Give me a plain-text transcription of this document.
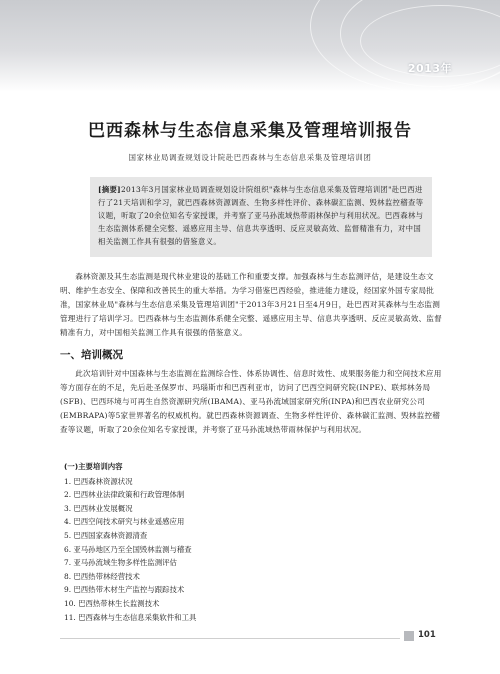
2013年
巴西森林与生态信息采集及管理培训报告
国家林业局调查规划设计院赴巴西森林与生态信息采集及管理培训团
[摘要]2013年3月国家林业局调查规划设计院组织"森林与生态信息采集及管理培训团"赴巴西进行了21天培训和学习，就巴西森林资源调查、生物多样性评价、森林碳汇监测、毁林监控稽查等议题，听取了20余位知名专家授课，并考察了亚马孙流域热带雨林保护与利用状况。巴西森林与生态监测体系健全完整、遥感应用主导、信息共享透明、反应灵敏高效、监督精准有力，对中国相关监测工作具有很强的借鉴意义。

森林资源及其生态监测是现代林业建设的基础工作和重要支撑。加强森林与生态监测评估，是建设生态文明、维护生态安全、保障和改善民生的重大举措。为学习借鉴巴西经验，推进能力建设，经国家外国专家局批准，国家林业局"森林与生态信息采集及管理培训团"于2013年3月21日至4月9日，赴巴西对其森林与生态监测管理进行了培训学习。巴西森林与生态监测体系健全完整、遥感应用主导、信息共享透明、反应灵敏高效、监督精准有力，对中国相关监测工作具有很强的借鉴意义。

一、培训概况

此次培训针对中国森林与生态监测在监测综合性、体系协调性、信息时效性、成果服务能力和空间技术应用等方面存在的不足，先后赴圣保罗市、玛瑙斯市和巴西利亚市，访问了巴西空间研究院(INPE)、联邦林务局(SFB)、巴西环境与可再生自然资源研究所(IBAMA)、亚马孙流域国家研究所(INPA)和巴西农业研究公司(EMBRAPA)等5家世界著名的权威机构。就巴西森林资源调查、生物多样性评价、森林碳汇监测、毁林监控稽查等议题，听取了20余位知名专家授课，并考察了亚马孙流域热带雨林保护与利用状况。

(一)主要培训内容
1. 巴西森林资源状况
2. 巴西林业法律政策和行政管理体制
3. 巴西林业发展概况
4. 巴西空间技术研究与林业遥感应用
5. 巴西国家森林资源清查
6. 亚马孙地区乃至全国毁林监测与稽查
7. 亚马孙流域生物多样性监测评估
8. 巴西热带林经营技术
9. 巴西热带木材生产监控与跟踪技术
10. 巴西热带林生长监测技术
11. 巴西森林与生态信息采集软件和工具
101
